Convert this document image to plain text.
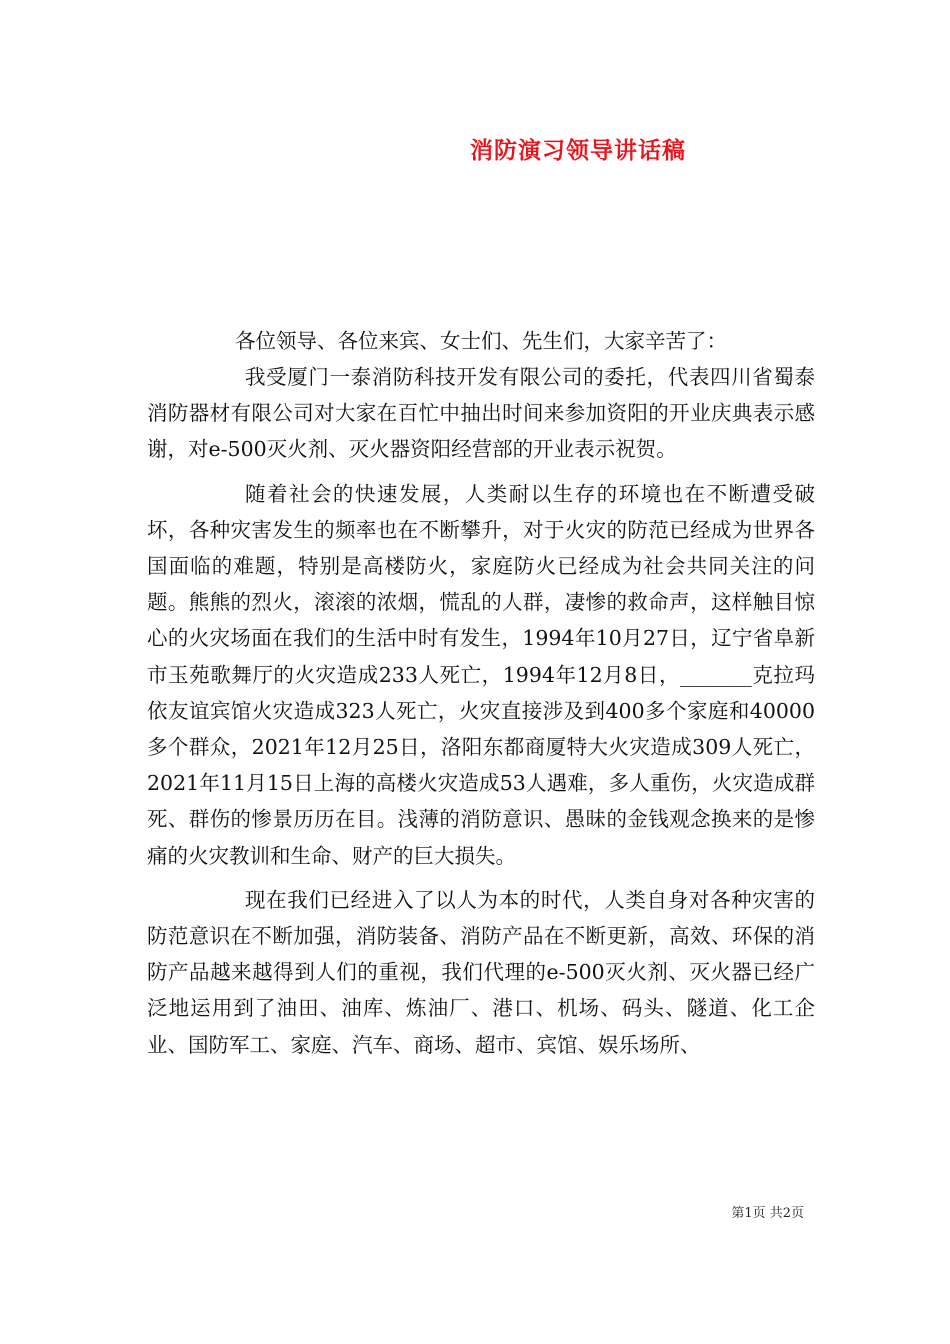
消防演习领导讲话稿

各位领导、各位来宾、女士们、先生们，大家辛苦了：

我受厦门一泰消防科技开发有限公司的委托，代表四川省蜀泰消防器材有限公司对大家在百忙中抽出时间来参加资阳的开业庆典表示感谢，对e-500灭火剂、灭火器资阳经营部的开业表示祝贺。

随着社会的快速发展，人类耐以生存的环境也在不断遭受破坏，各种灾害发生的频率也在不断攀升，对于火灾的防范已经成为世界各国面临的难题，特别是高楼防火，家庭防火已经成为社会共同关注的问题。熊熊的烈火，滚滚的浓烟，慌乱的人群，凄惨的救命声，这样触目惊心的火灾场面在我们的生活中时有发生，1994年10月27日，辽宁省阜新市玉苑歌舞厅的火灾造成233人死亡，1994年12月8日，_______克拉玛依友谊宾馆火灾造成323人死亡，火灾直接涉及到400多个家庭和40000多个群众，2021年12月25日，洛阳东都商厦特大火灾造成309人死亡，2021年11月15日上海的高楼火灾造成53人遇难，多人重伤，火灾造成群死、群伤的惨景历历在目。浅薄的消防意识、愚昧的金钱观念换来的是惨痛的火灾教训和生命、财产的巨大损失。

现在我们已经进入了以人为本的时代，人类自身对各种灾害的防范意识在不断加强，消防装备、消防产品在不断更新，高效、环保的消防产品越来越得到人们的重视，我们代理的e-500灭火剂、灭火器已经广泛地运用到了油田、油库、炼油厂、港口、机场、码头、隧道、化工企业、国防军工、家庭、汽车、商场、超市、宾馆、娱乐场所、

第1页 共2页
